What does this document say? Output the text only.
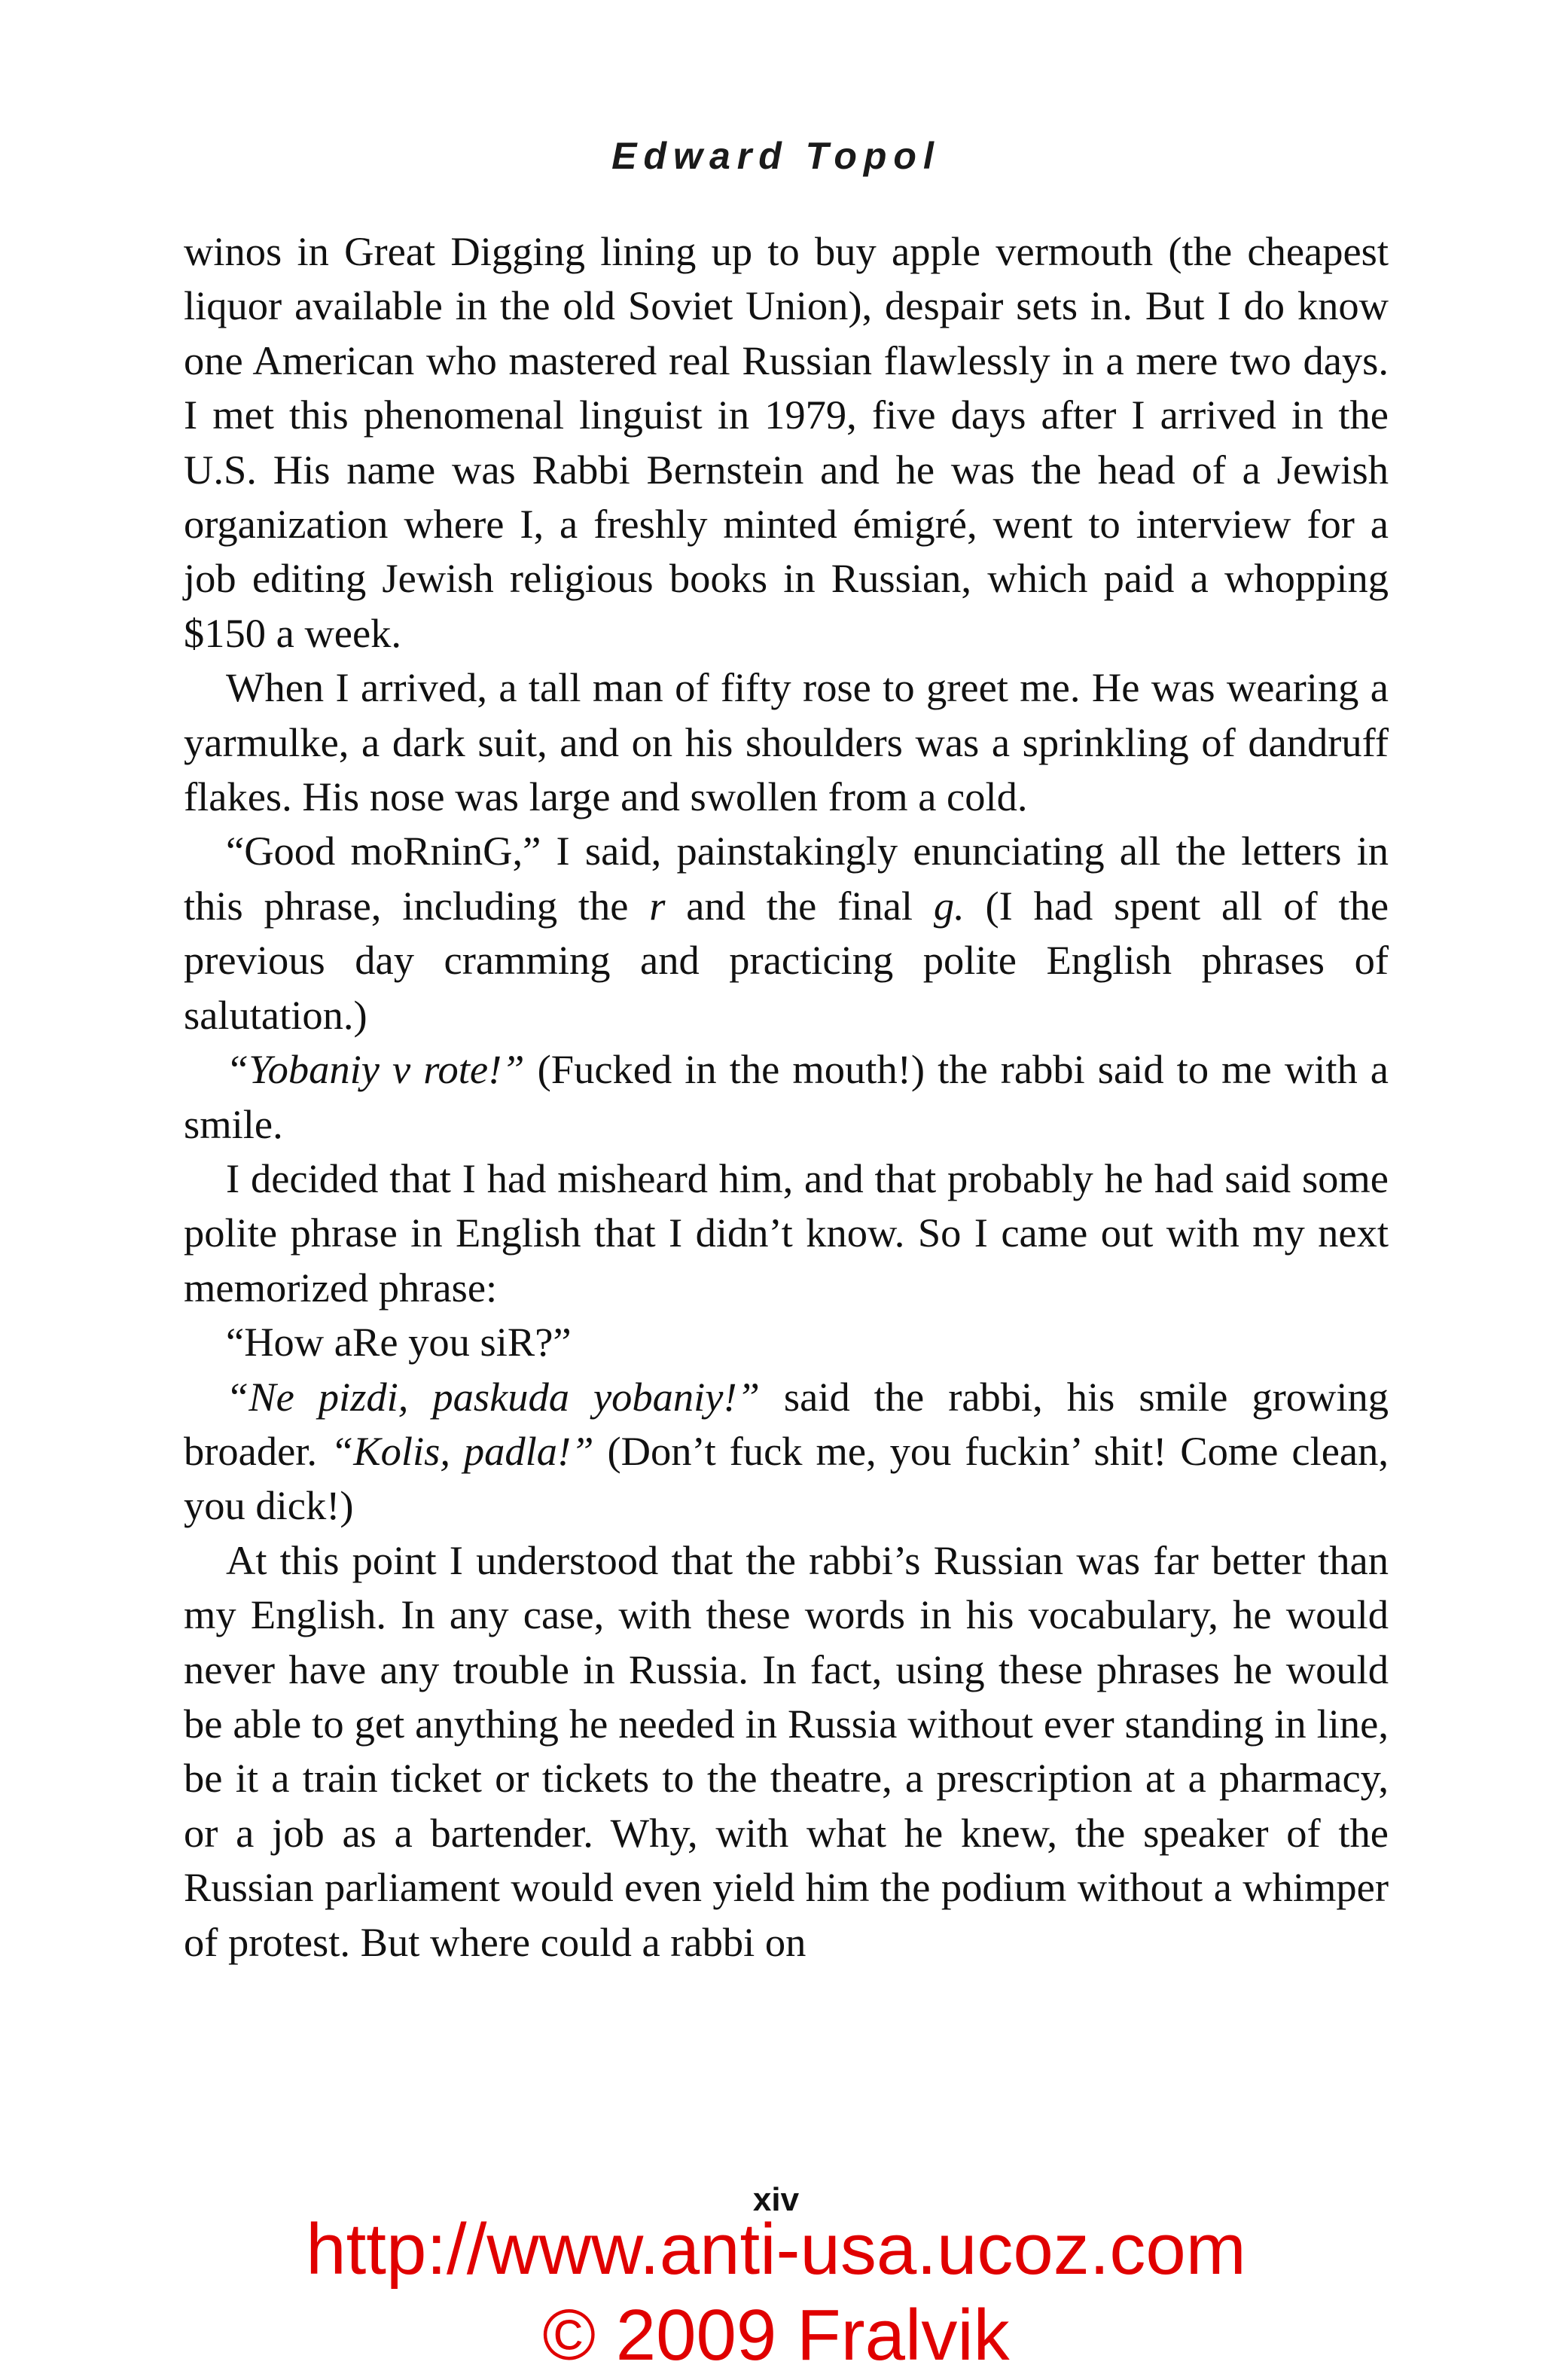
Edward Topol

winos in Great Digging lining up to buy apple vermouth (the cheapest liquor available in the old Soviet Union), despair sets in. But I do know one American who mastered real Russian flawlessly in a mere two days. I met this phenomenal linguist in 1979, five days after I arrived in the U.S. His name was Rabbi Bernstein and he was the head of a Jewish organization where I, a freshly minted émigré, went to interview for a job editing Jewish religious books in Russian, which paid a whopping $150 a week.

When I arrived, a tall man of fifty rose to greet me. He was wearing a yarmulke, a dark suit, and on his shoulders was a sprinkling of dandruff flakes. His nose was large and swollen from a cold.

“Good moRninG,” I said, painstakingly enunciating all the letters in this phrase, including the r and the final g. (I had spent all of the previous day cramming and practicing polite English phrases of salutation.)

“Yobaniy v rote!” (Fucked in the mouth!) the rabbi said to me with a smile.

I decided that I had misheard him, and that probably he had said some polite phrase in English that I didn’t know. So I came out with my next memorized phrase:

“How aRe you siR?”

“Ne pizdi, paskuda yobaniy!” said the rabbi, his smile growing broader. “Kolis, padla!” (Don’t fuck me, you fuckin’ shit! Come clean, you dick!)

At this point I understood that the rabbi’s Russian was far better than my English. In any case, with these words in his vocabulary, he would never have any trouble in Russia. In fact, using these phrases he would be able to get anything he needed in Russia without ever standing in line, be it a train ticket or tickets to the theatre, a prescription at a pharmacy, or a job as a bartender. Why, with what he knew, the speaker of the Russian parliament would even yield him the podium without a whimper of protest. But where could a rabbi on

xiv
http://www.anti-usa.ucoz.com
© 2009 Fralvik
